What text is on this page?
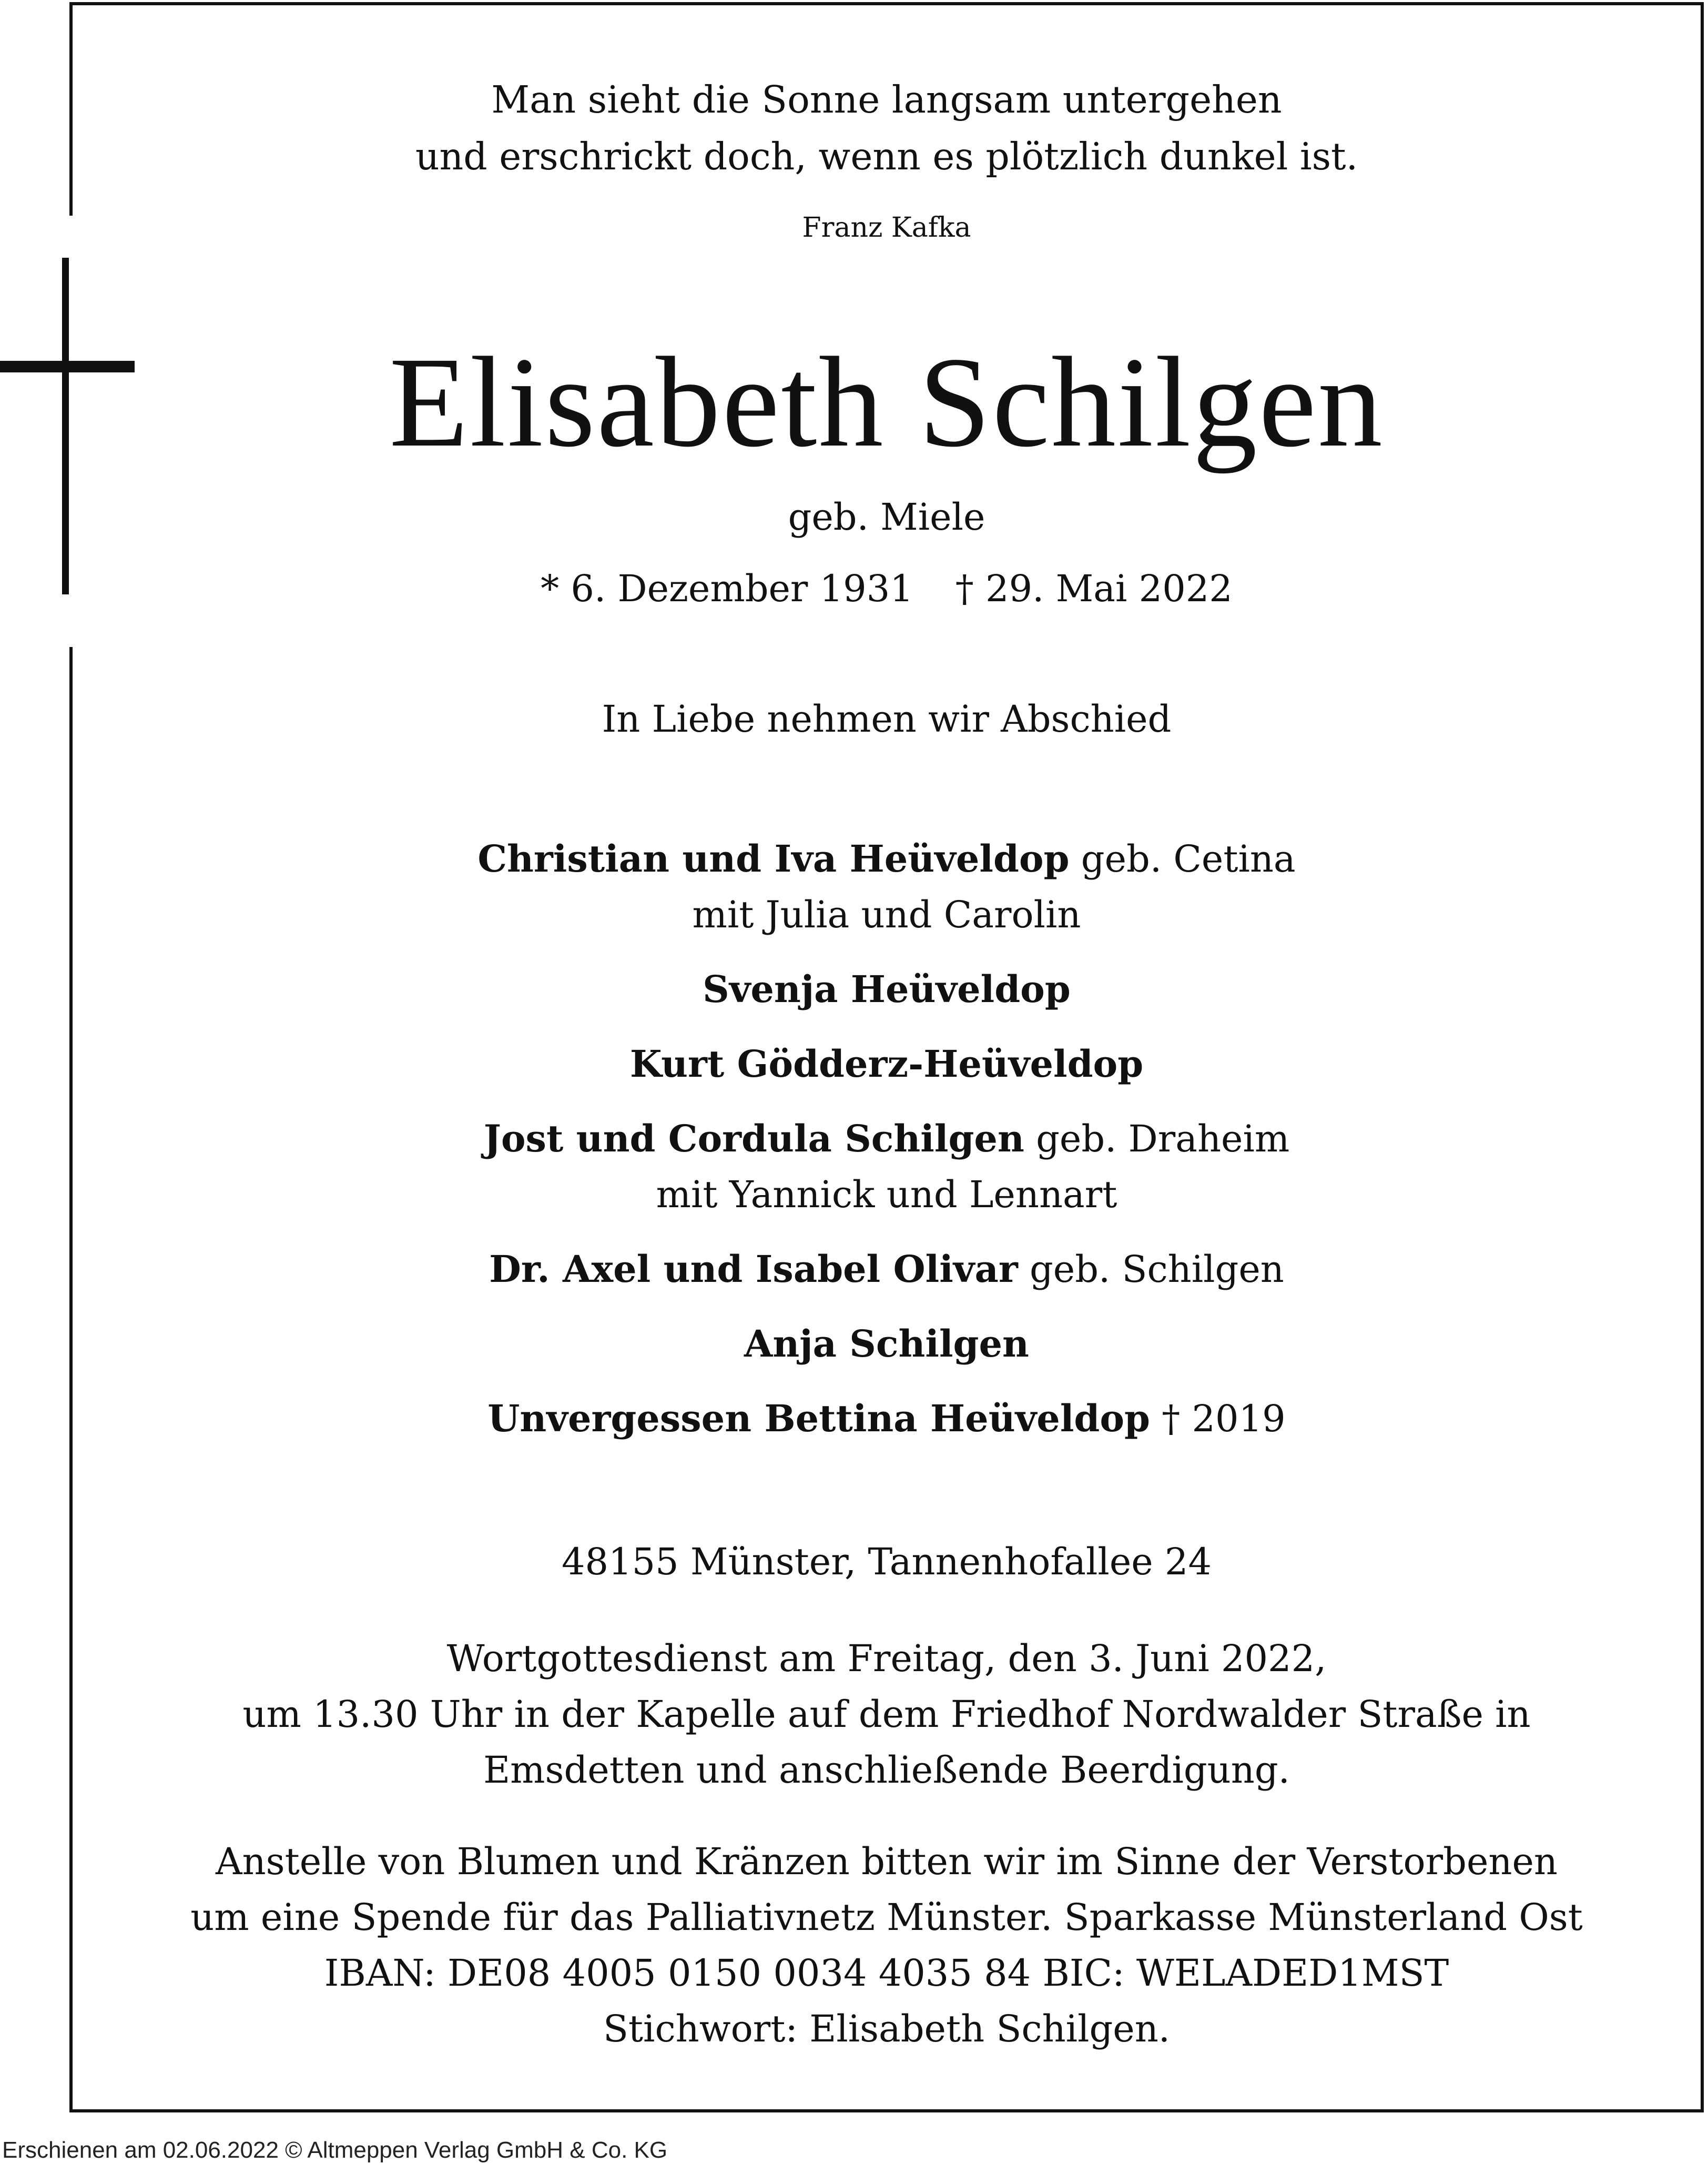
Man sieht die Sonne langsam untergehen
und erschrickt doch, wenn es plötzlich dunkel ist.
Franz Kafka
Elisabeth Schilgen
geb. Miele
* 6. Dezember 1931 † 29. Mai 2022
In Liebe nehmen wir Abschied
Christian und Iva Heüveldop geb. Cetina
mit Julia und Carolin
Svenja Heüveldop
Kurt Gödderz-Heüveldop
Jost und Cordula Schilgen geb. Draheim
mit Yannick und Lennart
Dr. Axel und Isabel Olivar geb. Schilgen
Anja Schilgen
Unvergessen Bettina Heüveldop † 2019
48155 Münster, Tannenhofallee 24
Wortgottesdienst am Freitag, den 3. Juni 2022,
um 13.30 Uhr in der Kapelle auf dem Friedhof Nordwalder Straße in
Emsdetten und anschließende Beerdigung.
Anstelle von Blumen und Kränzen bitten wir im Sinne der Verstorbenen
um eine Spende für das Palliativnetz Münster. Sparkasse Münsterland Ost
IBAN: DE08 4005 0150 0034 4035 84 BIC: WELADED1MST
Stichwort: Elisabeth Schilgen.
Erschienen am 02.06.2022 © Altmeppen Verlag GmbH & Co. KG
